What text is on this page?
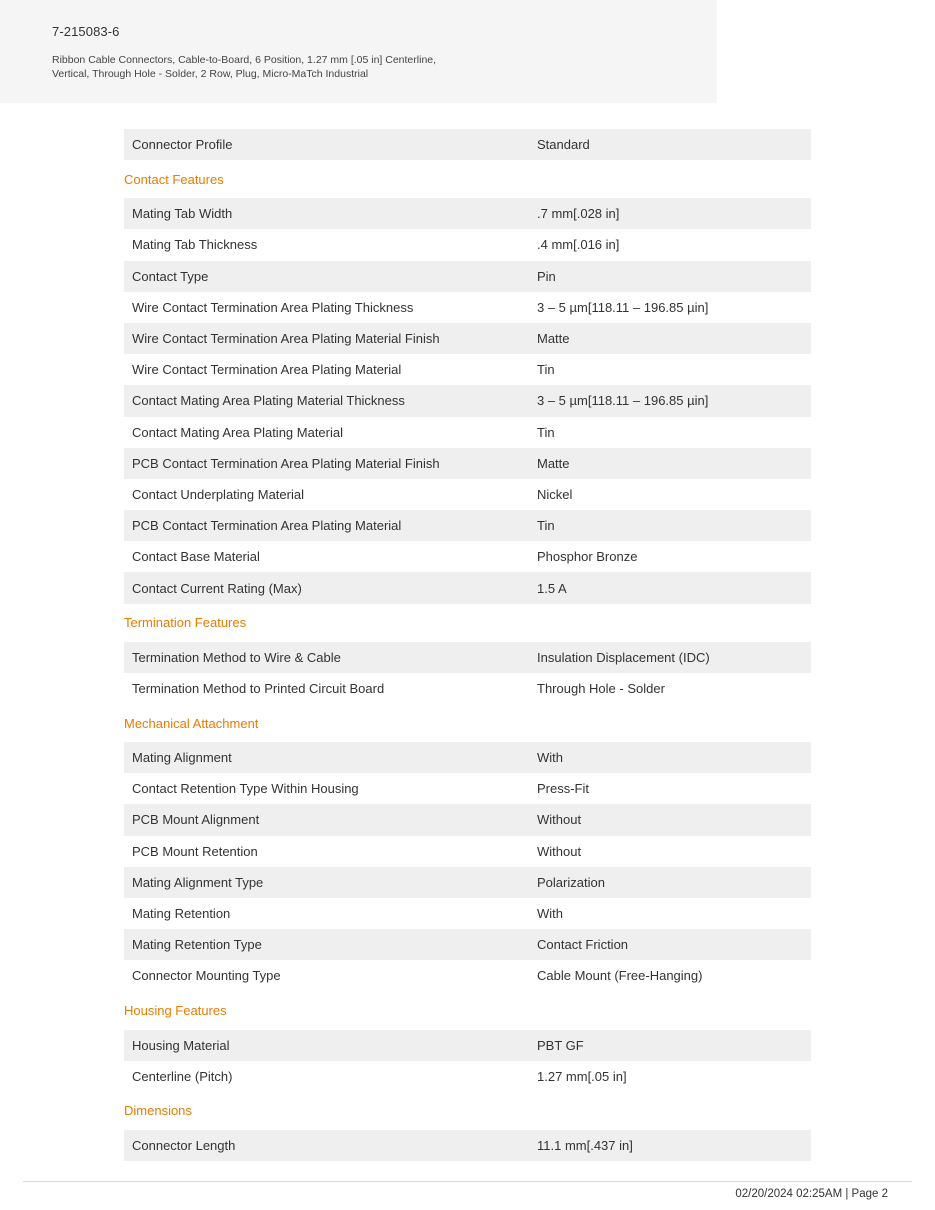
7-215083-6
Ribbon Cable Connectors, Cable-to-Board, 6 Position, 1.27 mm [.05 in] Centerline,
Vertical, Through Hole - Solder, 2 Row, Plug, Micro-MaTch Industrial
Connector Profile	Standard
Contact Features
Mating Tab Width	.7 mm[.028 in]
Mating Tab Thickness	.4 mm[.016 in]
Contact Type	Pin
Wire Contact Termination Area Plating Thickness	3 – 5 µm[118.11 – 196.85 µin]
Wire Contact Termination Area Plating Material Finish	Matte
Wire Contact Termination Area Plating Material	Tin
Contact Mating Area Plating Material Thickness	3 – 5 µm[118.11 – 196.85 µin]
Contact Mating Area Plating Material	Tin
PCB Contact Termination Area Plating Material Finish	Matte
Contact Underplating Material	Nickel
PCB Contact Termination Area Plating Material	Tin
Contact Base Material	Phosphor Bronze
Contact Current Rating (Max)	1.5 A
Termination Features
Termination Method to Wire & Cable	Insulation Displacement (IDC)
Termination Method to Printed Circuit Board	Through Hole - Solder
Mechanical Attachment
Mating Alignment	With
Contact Retention Type Within Housing	Press-Fit
PCB Mount Alignment	Without
PCB Mount Retention	Without
Mating Alignment Type	Polarization
Mating Retention	With
Mating Retention Type	Contact Friction
Connector Mounting Type	Cable Mount (Free-Hanging)
Housing Features
Housing Material	PBT GF
Centerline (Pitch)	1.27 mm[.05 in]
Dimensions
Connector Length	11.1 mm[.437 in]
02/20/2024 02:25AM | Page 2
